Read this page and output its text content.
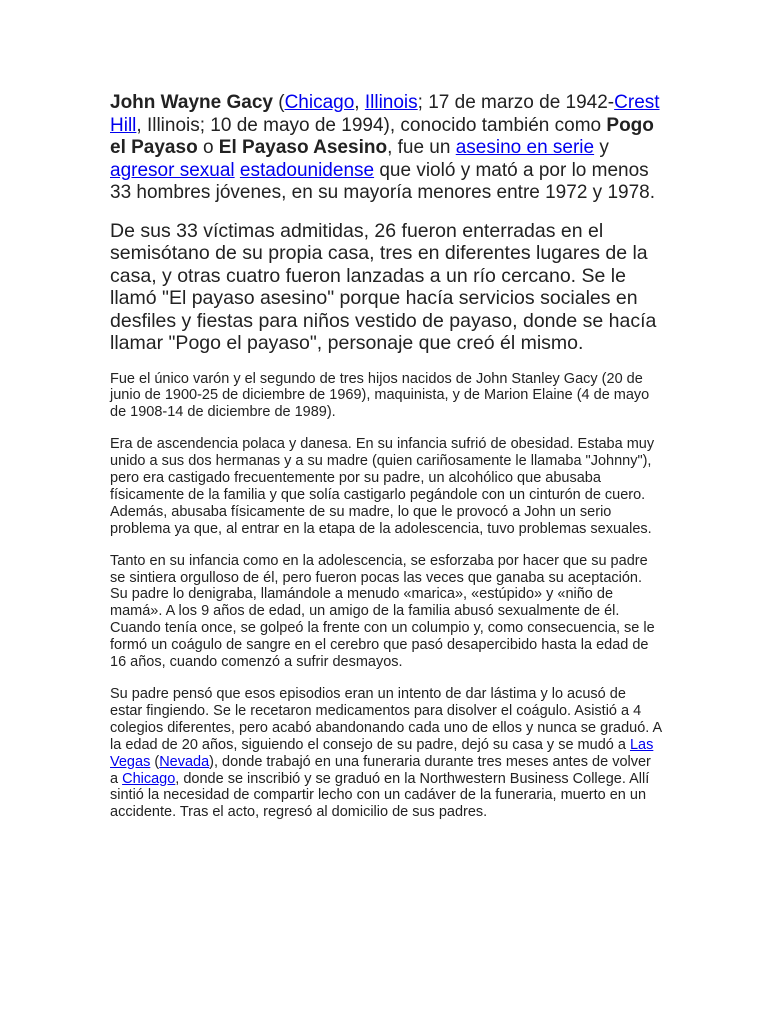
John Wayne Gacy (Chicago, Illinois; 17 de marzo de 1942-Crest Hill, Illinois; 10 de mayo de 1994), conocido también como Pogo el Payaso o El Payaso Asesino, fue un asesino en serie y agresor sexual estadounidense que violó y mató a por lo menos 33 hombres jóvenes, en su mayoría menores entre 1972 y 1978.

De sus 33 víctimas admitidas, 26 fueron enterradas en el semisótano de su propia casa, tres en diferentes lugares de la casa, y otras cuatro fueron lanzadas a un río cercano. Se le llamó "El payaso asesino" porque hacía servicios sociales en desfiles y fiestas para niños vestido de payaso, donde se hacía llamar "Pogo el payaso", personaje que creó él mismo.

Fue el único varón y el segundo de tres hijos nacidos de John Stanley Gacy (20 de junio de 1900-25 de diciembre de 1969), maquinista, y de Marion Elaine (4 de mayo de 1908-14 de diciembre de 1989).

Era de ascendencia polaca y danesa. En su infancia sufrió de obesidad. Estaba muy unido a sus dos hermanas y a su madre (quien cariñosamente le llamaba "Johnny"), pero era castigado frecuentemente por su padre, un alcohólico que abusaba físicamente de la familia y que solía castigarlo pegándole con un cinturón de cuero. Además, abusaba físicamente de su madre, lo que le provocó a John un serio problema ya que, al entrar en la etapa de la adolescencia, tuvo problemas sexuales.

Tanto en su infancia como en la adolescencia, se esforzaba por hacer que su padre se sintiera orgulloso de él, pero fueron pocas las veces que ganaba su aceptación. Su padre lo denigraba, llamándole a menudo «marica», «estúpido» y «niño de mamá». A los 9 años de edad, un amigo de la familia abusó sexualmente de él. Cuando tenía once, se golpeó la frente con un columpio y, como consecuencia, se le formó un coágulo de sangre en el cerebro que pasó desapercibido hasta la edad de 16 años, cuando comenzó a sufrir desmayos.

Su padre pensó que esos episodios eran un intento de dar lástima y lo acusó de estar fingiendo. Se le recetaron medicamentos para disolver el coágulo. Asistió a 4 colegios diferentes, pero acabó abandonando cada uno de ellos y nunca se graduó. A la edad de 20 años, siguiendo el consejo de su padre, dejó su casa y se mudó a Las Vegas (Nevada), donde trabajó en una funeraria durante tres meses antes de volver a Chicago, donde se inscribió y se graduó en la Northwestern Business College. Allí sintió la necesidad de compartir lecho con un cadáver de la funeraria, muerto en un accidente. Tras el acto, regresó al domicilio de sus padres.
